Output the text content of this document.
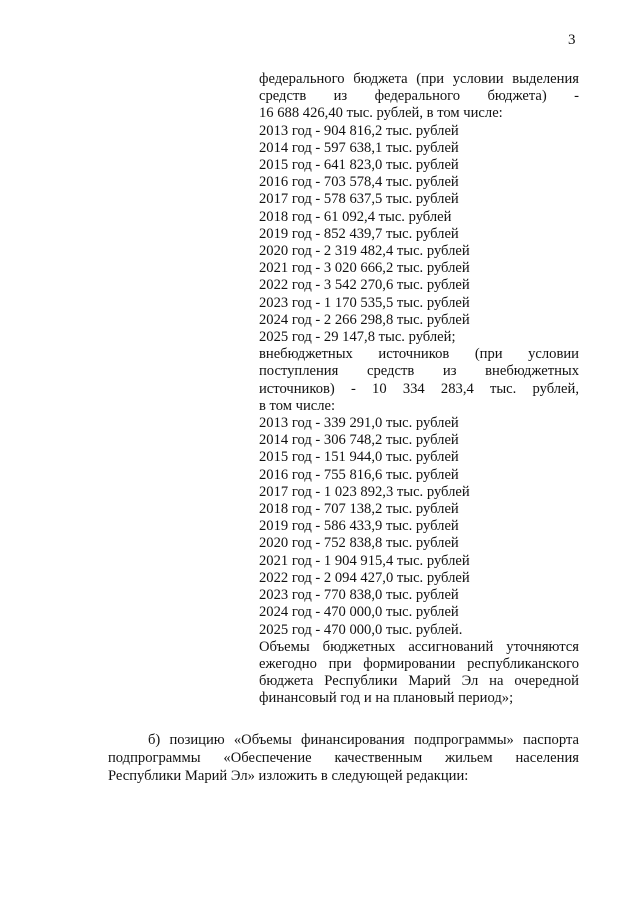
3
федерального бюджета (при условии выделения
средств из федерального бюджета) -
16 688 426,40 тыс. рублей, в том числе:
2013 год - 904 816,2 тыс. рублей
2014 год - 597 638,1 тыс. рублей
2015 год - 641 823,0 тыс. рублей
2016 год - 703 578,4 тыс. рублей
2017 год - 578 637,5 тыс. рублей
2018 год - 61 092,4 тыс. рублей
2019 год - 852 439,7 тыс. рублей
2020 год - 2 319 482,4 тыс. рублей
2021 год - 3 020 666,2 тыс. рублей
2022 год - 3 542 270,6 тыс. рублей
2023 год - 1 170 535,5 тыс. рублей
2024 год - 2 266 298,8 тыс. рублей
2025 год - 29 147,8 тыс. рублей;
внебюджетных источников (при условии
поступления средств из внебюджетных
источников) - 10 334 283,4 тыс. рублей,
в том числе:
2013 год - 339 291,0 тыс. рублей
2014 год - 306 748,2 тыс. рублей
2015 год - 151 944,0 тыс. рублей
2016 год - 755 816,6 тыс. рублей
2017 год - 1 023 892,3 тыс. рублей
2018 год - 707 138,2 тыс. рублей
2019 год - 586 433,9 тыс. рублей
2020 год - 752 838,8 тыс. рублей
2021 год - 1 904 915,4 тыс. рублей
2022 год - 2 094 427,0 тыс. рублей
2023 год - 770 838,0 тыс. рублей
2024 год - 470 000,0 тыс. рублей
2025 год - 470 000,0 тыс. рублей.
Объемы бюджетных ассигнований уточняются
ежегодно при формировании республиканского
бюджета Республики Марий Эл на очередной
финансовый год и на плановый период»;
б) позицию «Объемы финансирования подпрограммы» паспорта
подпрограммы «Обеспечение качественным жильем населения
Республики Марий Эл» изложить в следующей редакции:
